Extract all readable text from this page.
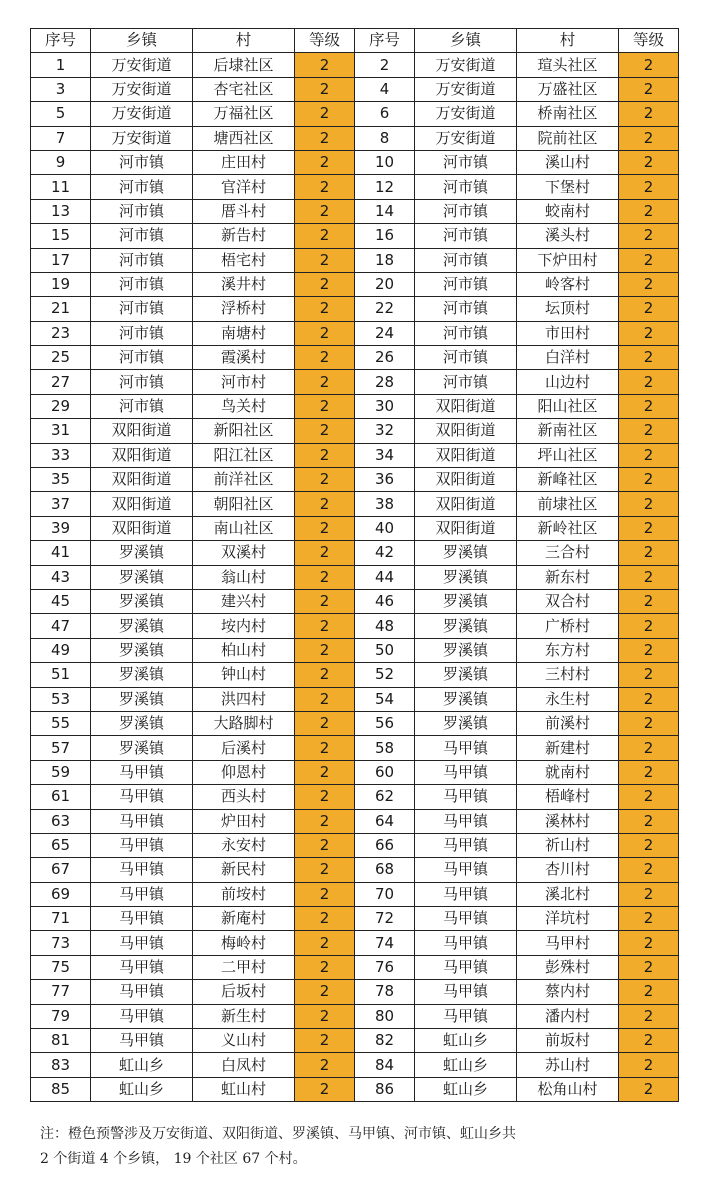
序号	乡镇	村	等级	序号	乡镇	村	等级
1	万安街道	后埭社区	2	2	万安街道	瑄头社区	2
3	万安街道	杏宅社区	2	4	万安街道	万盛社区	2
5	万安街道	万福社区	2	6	万安街道	桥南社区	2
7	万安街道	塘西社区	2	8	万安街道	院前社区	2
9	河市镇	庄田村	2	10	河市镇	溪山村	2
11	河市镇	官洋村	2	12	河市镇	下堡村	2
13	河市镇	厝斗村	2	14	河市镇	蛟南村	2
15	河市镇	新告村	2	16	河市镇	溪头村	2
17	河市镇	梧宅村	2	18	河市镇	下炉田村	2
19	河市镇	溪井村	2	20	河市镇	岭客村	2
21	河市镇	浮桥村	2	22	河市镇	坛顶村	2
23	河市镇	南塘村	2	24	河市镇	市田村	2
25	河市镇	霞溪村	2	26	河市镇	白洋村	2
27	河市镇	河市村	2	28	河市镇	山边村	2
29	河市镇	鸟关村	2	30	双阳街道	阳山社区	2
31	双阳街道	新阳社区	2	32	双阳街道	新南社区	2
33	双阳街道	阳江社区	2	34	双阳街道	坪山社区	2
35	双阳街道	前洋社区	2	36	双阳街道	新峰社区	2
37	双阳街道	朝阳社区	2	38	双阳街道	前埭社区	2
39	双阳街道	南山社区	2	40	双阳街道	新岭社区	2
41	罗溪镇	双溪村	2	42	罗溪镇	三合村	2
43	罗溪镇	翁山村	2	44	罗溪镇	新东村	2
45	罗溪镇	建兴村	2	46	罗溪镇	双合村	2
47	罗溪镇	垵内村	2	48	罗溪镇	广桥村	2
49	罗溪镇	柏山村	2	50	罗溪镇	东方村	2
51	罗溪镇	钟山村	2	52	罗溪镇	三村村	2
53	罗溪镇	洪四村	2	54	罗溪镇	永生村	2
55	罗溪镇	大路脚村	2	56	罗溪镇	前溪村	2
57	罗溪镇	后溪村	2	58	马甲镇	新建村	2
59	马甲镇	仰恩村	2	60	马甲镇	就南村	2
61	马甲镇	西头村	2	62	马甲镇	梧峰村	2
63	马甲镇	炉田村	2	64	马甲镇	溪林村	2
65	马甲镇	永安村	2	66	马甲镇	祈山村	2
67	马甲镇	新民村	2	68	马甲镇	杏川村	2
69	马甲镇	前垵村	2	70	马甲镇	溪北村	2
71	马甲镇	新庵村	2	72	马甲镇	洋坑村	2
73	马甲镇	梅岭村	2	74	马甲镇	马甲村	2
75	马甲镇	二甲村	2	76	马甲镇	彭殊村	2
77	马甲镇	后坂村	2	78	马甲镇	蔡内村	2
79	马甲镇	新生村	2	80	马甲镇	潘内村	2
81	马甲镇	义山村	2	82	虹山乡	前坂村	2
83	虹山乡	白凤村	2	84	虹山乡	苏山村	2
85	虹山乡	虹山村	2	86	虹山乡	松角山村	2
注：橙色预警涉及万安街道、双阳街道、罗溪镇、马甲镇、河市镇、虹山乡共
2 个街道 4 个乡镇， 19 个社区 67 个村。
